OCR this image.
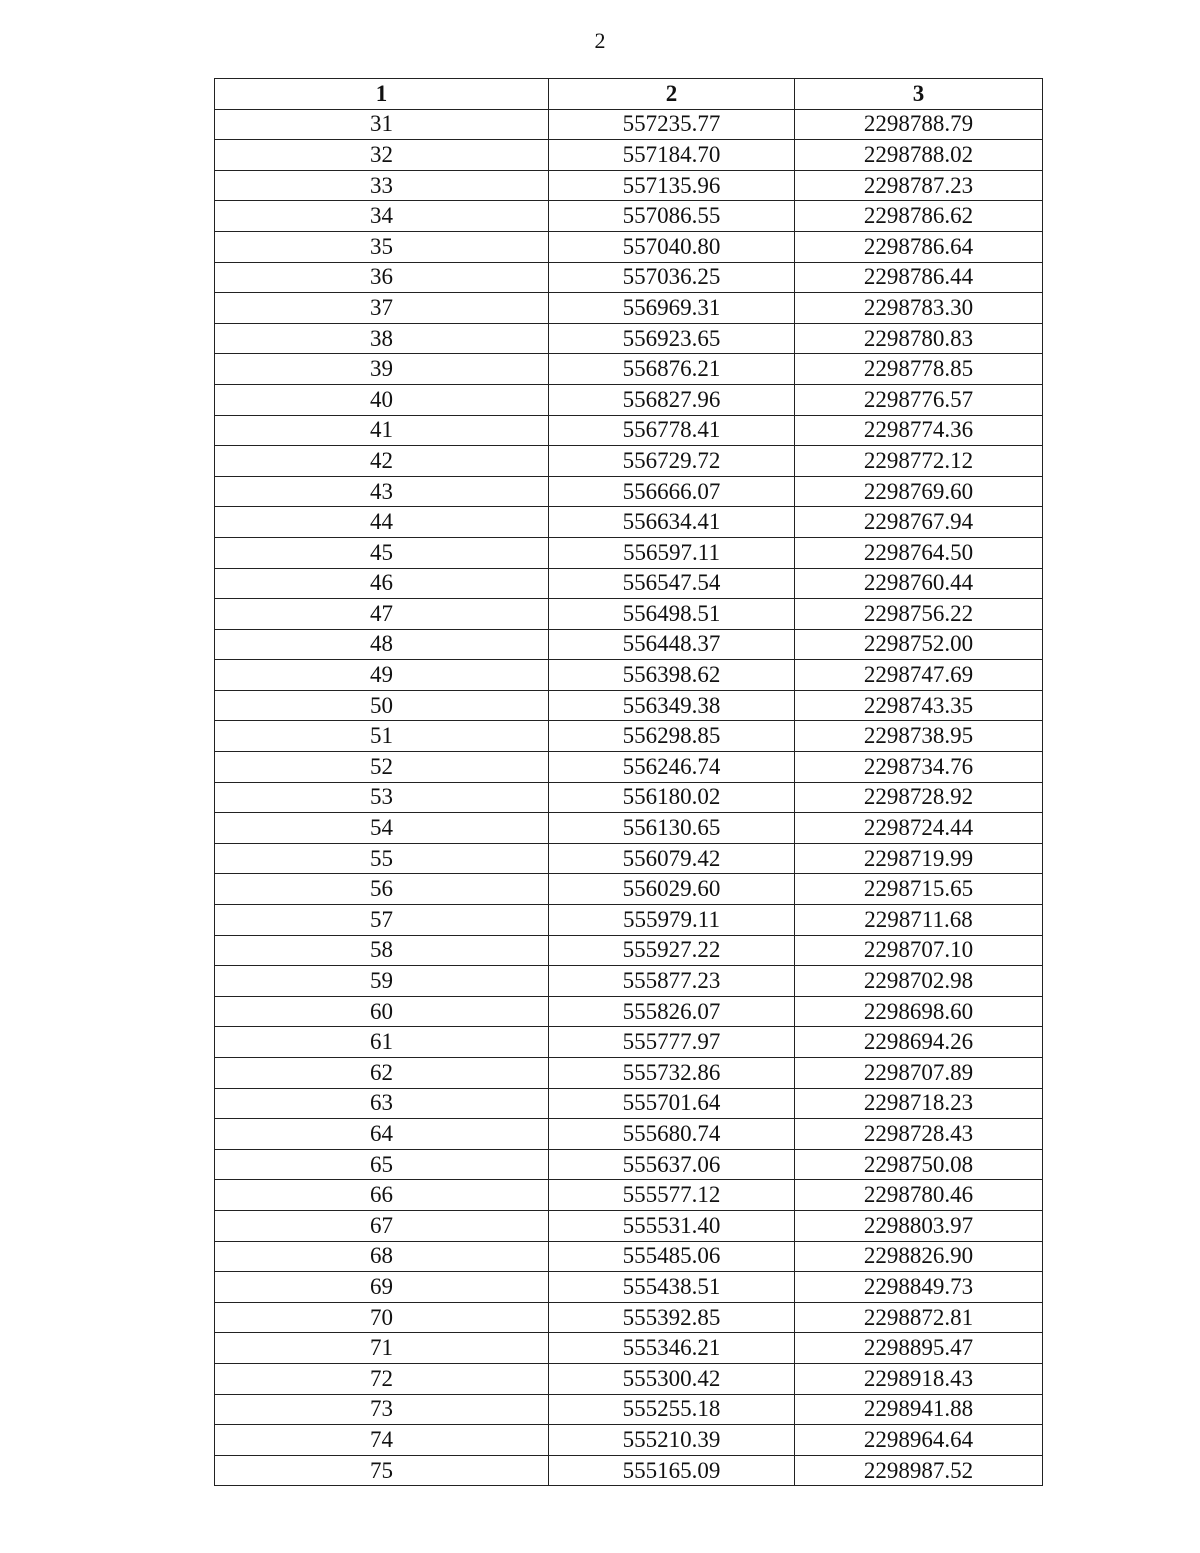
2
1	2	3
31	557235.77	2298788.79
32	557184.70	2298788.02
33	557135.96	2298787.23
34	557086.55	2298786.62
35	557040.80	2298786.64
36	557036.25	2298786.44
37	556969.31	2298783.30
38	556923.65	2298780.83
39	556876.21	2298778.85
40	556827.96	2298776.57
41	556778.41	2298774.36
42	556729.72	2298772.12
43	556666.07	2298769.60
44	556634.41	2298767.94
45	556597.11	2298764.50
46	556547.54	2298760.44
47	556498.51	2298756.22
48	556448.37	2298752.00
49	556398.62	2298747.69
50	556349.38	2298743.35
51	556298.85	2298738.95
52	556246.74	2298734.76
53	556180.02	2298728.92
54	556130.65	2298724.44
55	556079.42	2298719.99
56	556029.60	2298715.65
57	555979.11	2298711.68
58	555927.22	2298707.10
59	555877.23	2298702.98
60	555826.07	2298698.60
61	555777.97	2298694.26
62	555732.86	2298707.89
63	555701.64	2298718.23
64	555680.74	2298728.43
65	555637.06	2298750.08
66	555577.12	2298780.46
67	555531.40	2298803.97
68	555485.06	2298826.90
69	555438.51	2298849.73
70	555392.85	2298872.81
71	555346.21	2298895.47
72	555300.42	2298918.43
73	555255.18	2298941.88
74	555210.39	2298964.64
75	555165.09	2298987.52
